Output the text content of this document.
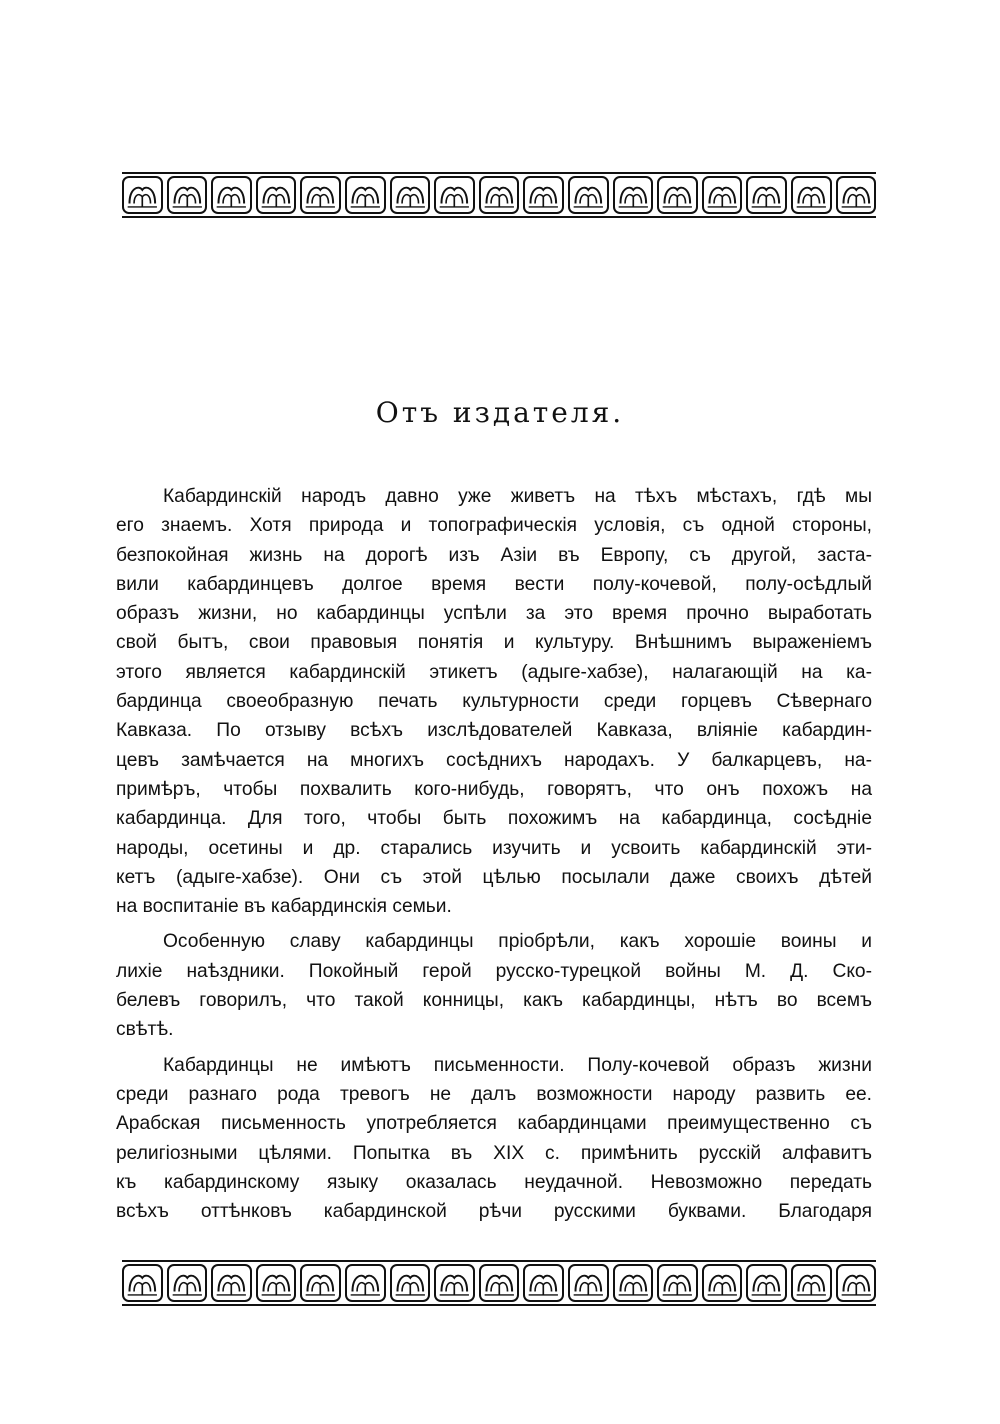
Отъ издателя.
Кабардинскій народъ давно уже живетъ на тѣхъ мѣстахъ, гдѣ мы
его знаемъ. Хотя природа и топографическія условія, съ одной стороны,
безпокойная жизнь на дорогѣ изъ Азіи въ Европу, съ другой, заста-
вили кабардинцевъ долгое время вести полу-кочевой, полу-осѣдлый
образъ жизни, но кабардинцы успѣли за это время прочно выработать
свой бытъ, свои правовыя понятія и культуру. Внѣшнимъ выраженіемъ
этого является кабардинскій этикетъ (адыге-хабзе), налагающій на ка-
бардинца своеобразную печать культурности среди горцевъ Сѣвернаго
Кавказа. По отзыву всѣхъ изслѣдователей Кавказа, вліяніе кабардин-
цевъ замѣчается на многихъ сосѣднихъ народахъ. У балкарцевъ, на-
примѣръ, чтобы похвалить кого-нибудь, говорятъ, что онъ похожъ на
кабардинца. Для того, чтобы быть похожимъ на кабардинца, сосѣдніе
народы, осетины и др. старались изучить и усвоить кабардинскій эти-
кетъ (адыге-хабзе). Они съ этой цѣлью посылали даже своихъ дѣтей
на воспитаніе въ кабардинскія семьи.
Особенную славу кабардинцы пріобрѣли, какъ хорошіе воины и
лихіе наѣздники. Покойный герой русско-турецкой войны М. Д. Ско-
белевъ говорилъ, что такой конницы, какъ кабардинцы, нѣтъ во всемъ
свѣтѣ.
Кабардинцы не имѣютъ письменности. Полу-кочевой образъ жизни
среди разнаго рода тревогъ не далъ возможности народу развить ее.
Арабская письменность употребляется кабардинцами преимущественно съ
религіозными цѣлями. Попытка въ XIX с. примѣнить русскій алфавитъ
къ кабардинскому языку оказалась неудачной. Невозможно передать
всѣхъ оттѣнковъ кабардинской рѣчи русскими буквами. Благодаря
